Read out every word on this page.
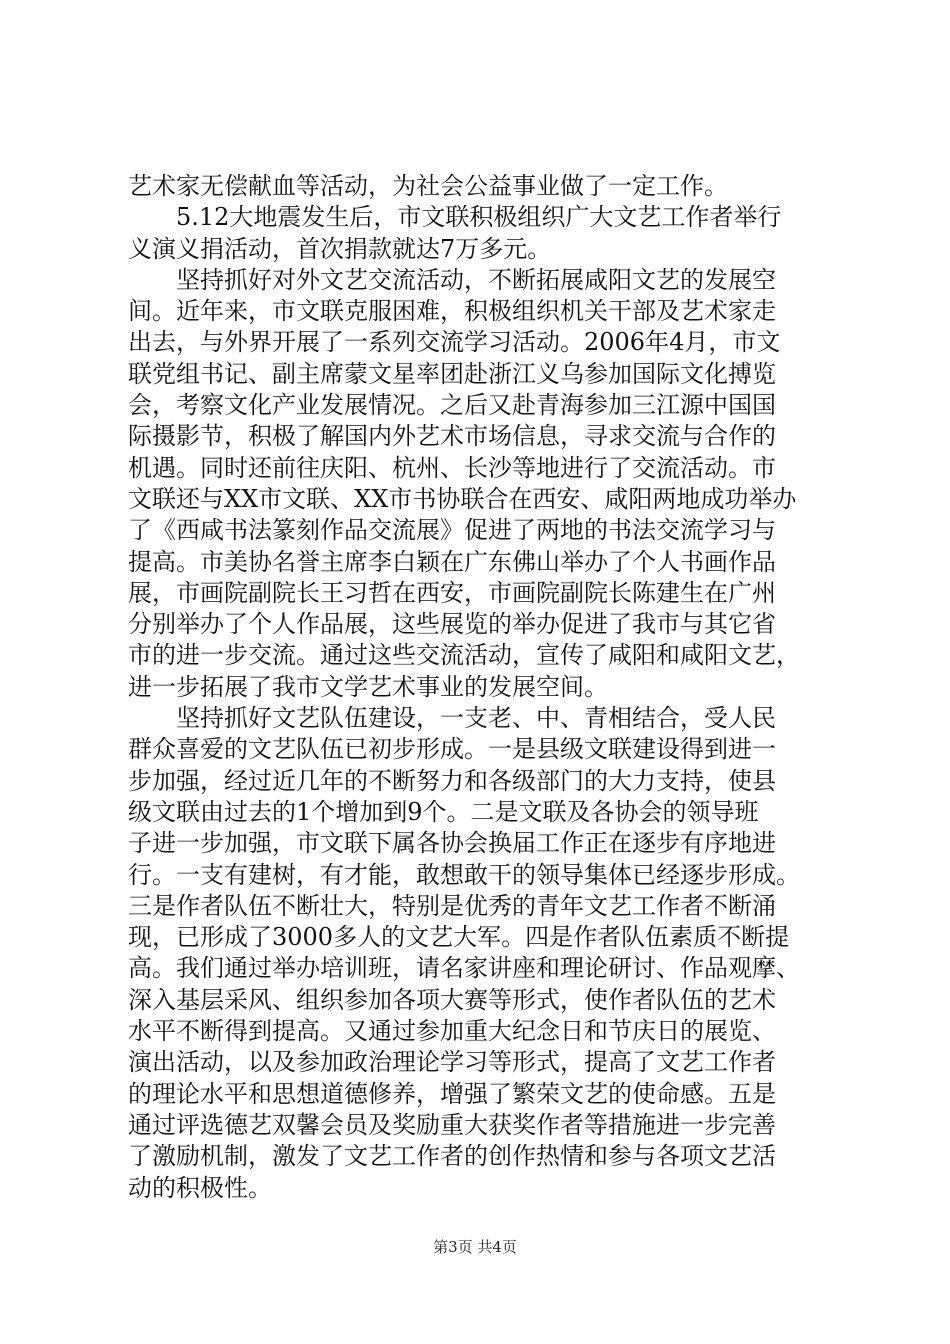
艺术家无偿献血等活动，为社会公益事业做了一定工作。
　　5.12大地震发生后，市文联积极组织广大文艺工作者举行
义演义捐活动，首次捐款就达7万多元。
　　坚持抓好对外文艺交流活动，不断拓展咸阳文艺的发展空
间。近年来，市文联克服困难，积极组织机关干部及艺术家走
出去，与外界开展了一系列交流学习活动。2006年4月，市文
联党组书记、副主席蒙文星率团赴浙江义乌参加国际文化搏览
会，考察文化产业发展情况。之后又赴青海参加三江源中国国
际摄影节，积极了解国内外艺术市场信息，寻求交流与合作的
机遇。同时还前往庆阳、杭州、长沙等地进行了交流活动。市
文联还与XX市文联、XX市书协联合在西安、咸阳两地成功举办
了《西咸书法篆刻作品交流展》促进了两地的书法交流学习与
提高。市美协名誉主席李白颖在广东佛山举办了个人书画作品
展，市画院副院长王习哲在西安，市画院副院长陈建生在广州
分别举办了个人作品展，这些展览的举办促进了我市与其它省
市的进一步交流。通过这些交流活动，宣传了咸阳和咸阳文艺，
进一步拓展了我市文学艺术事业的发展空间。
　　坚持抓好文艺队伍建设，一支老、中、青相结合，受人民
群众喜爱的文艺队伍已初步形成。一是县级文联建设得到进一
步加强，经过近几年的不断努力和各级部门的大力支持，使县
级文联由过去的1个增加到9个。二是文联及各协会的领导班
子进一步加强，市文联下属各协会换届工作正在逐步有序地进
行。一支有建树，有才能，敢想敢干的领导集体已经逐步形成。
三是作者队伍不断壮大，特别是优秀的青年文艺工作者不断涌
现，已形成了3000多人的文艺大军。四是作者队伍素质不断提
高。我们通过举办培训班，请名家讲座和理论研讨、作品观摩、
深入基层采风、组织参加各项大赛等形式，使作者队伍的艺术
水平不断得到提高。又通过参加重大纪念日和节庆日的展览、
演出活动，以及参加政治理论学习等形式，提高了文艺工作者
的理论水平和思想道德修养，增强了繁荣文艺的使命感。五是
通过评选德艺双馨会员及奖励重大获奖作者等措施进一步完善
了激励机制，激发了文艺工作者的创作热情和参与各项文艺活
动的积极性。
第3页 共4页
